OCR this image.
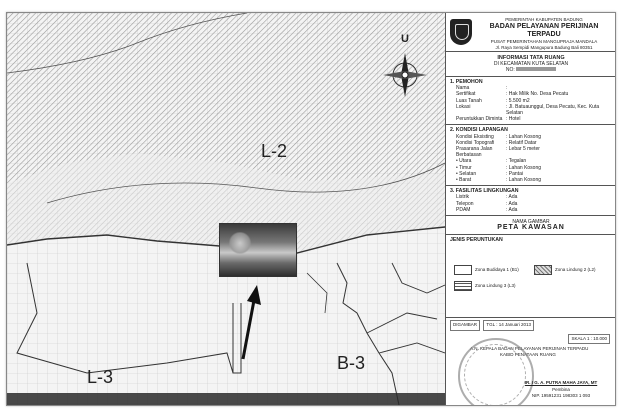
U
L-2
B-3
L-3
PEMERINTAH KABUPATEN BADUNG
BADAN PELAYANAN PERIJINAN TERPADU
PUSAT PEMERINTAHAN MANGUPRAJA MANDALA
Jl. Raya Sempidi Mangupura Badung Bali 80351
INFORMASI TATA RUANG
DI KECAMATAN KUTA SELATAN
NO:
1. PEMOHON
Nama	:
Sertifikat	: Hak Milik No. Desa Pecatu
Luas Tanah	: 5.500 m2
Lokasi	: Jl. Batuaunggul, Desa Pecatu, Kec. Kuta Selatan
Peruntukkan Diminta : Hotel
2. KONDISI LAPANGAN
Kondisi Eksisting	: Lahan Kosong
Kondisi Topografi	: Relatif Datar
Prasarana Jalan	: Lebar 5 meter
Berbatasan
• Utara	: Tegalan
• Timur	: Lahan Kosong
• Selatan	: Pantai
• Barat	: Lahan Kosong
3. FASILITAS LINGKUNGAN
Listrik	: Ada
Telepon	: Ada
PDAM	: Ada
NAMA GAMBAR
PETA KAWASAN
JENIS PERUNTUKAN
Zona Budidaya 1 (B1)	Zona Lindung 2 (L2)
Zona Lindung 3 (L3)
DIGAMBAR TGL : 14 Januari 2013
SKALA 1 : 10.000
A.N. KEPALA BADAN PELAYANAN PERIJINAN TERPADU
KABID PENATAAN RUANG
IR. I G. A. PUTRA MAHA JAYA, MT
Pembina
NIP. 19591231 198303 1 093
